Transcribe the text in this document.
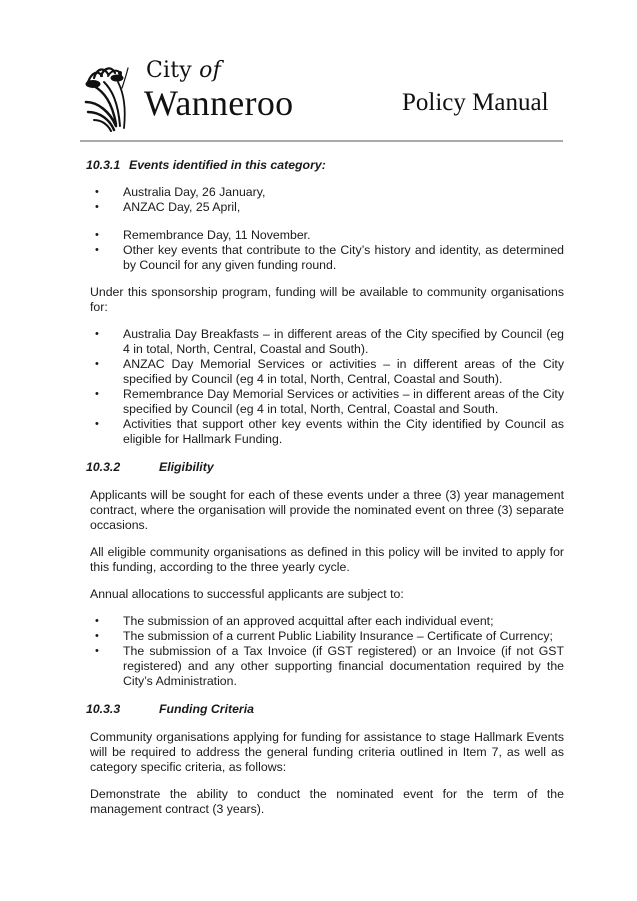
City of
Wanneroo	Policy Manual
10.3.1 Events identified in this category:
• Australia Day, 26 January,
• ANZAC Day, 25 April,
• Remembrance Day, 11 November.
• Other key events that contribute to the City’s history and identity, as determined by Council for any given funding round.

Under this sponsorship program, funding will be available to community organisations for:

• Australia Day Breakfasts – in different areas of the City specified by Council (eg 4 in total, North, Central, Coastal and South).
• ANZAC Day Memorial Services or activities – in different areas of the City specified by Council (eg 4 in total, North, Central, Coastal and South).
• Remembrance Day Memorial Services or activities – in different areas of the City specified by Council (eg 4 in total, North, Central, Coastal and South.
• Activities that support other key events within the City identified by Council as eligible for Hallmark Funding.
10.3.2	Eligibility

Applicants will be sought for each of these events under a three (3) year management contract, where the organisation will provide the nominated event on three (3) separate occasions.

All eligible community organisations as defined in this policy will be invited to apply for this funding, according to the three yearly cycle.

Annual allocations to successful applicants are subject to:

• The submission of an approved acquittal after each individual event;
• The submission of a current Public Liability Insurance – Certificate of Currency;
• The submission of a Tax Invoice (if GST registered) or an Invoice (if not GST registered) and any other supporting financial documentation required by the City’s Administration.
10.3.3	Funding Criteria

Community organisations applying for funding for assistance to stage Hallmark Events will be required to address the general funding criteria outlined in Item 7, as well as category specific criteria, as follows:

Demonstrate the ability to conduct the nominated event for the term of the management contract (3 years).
